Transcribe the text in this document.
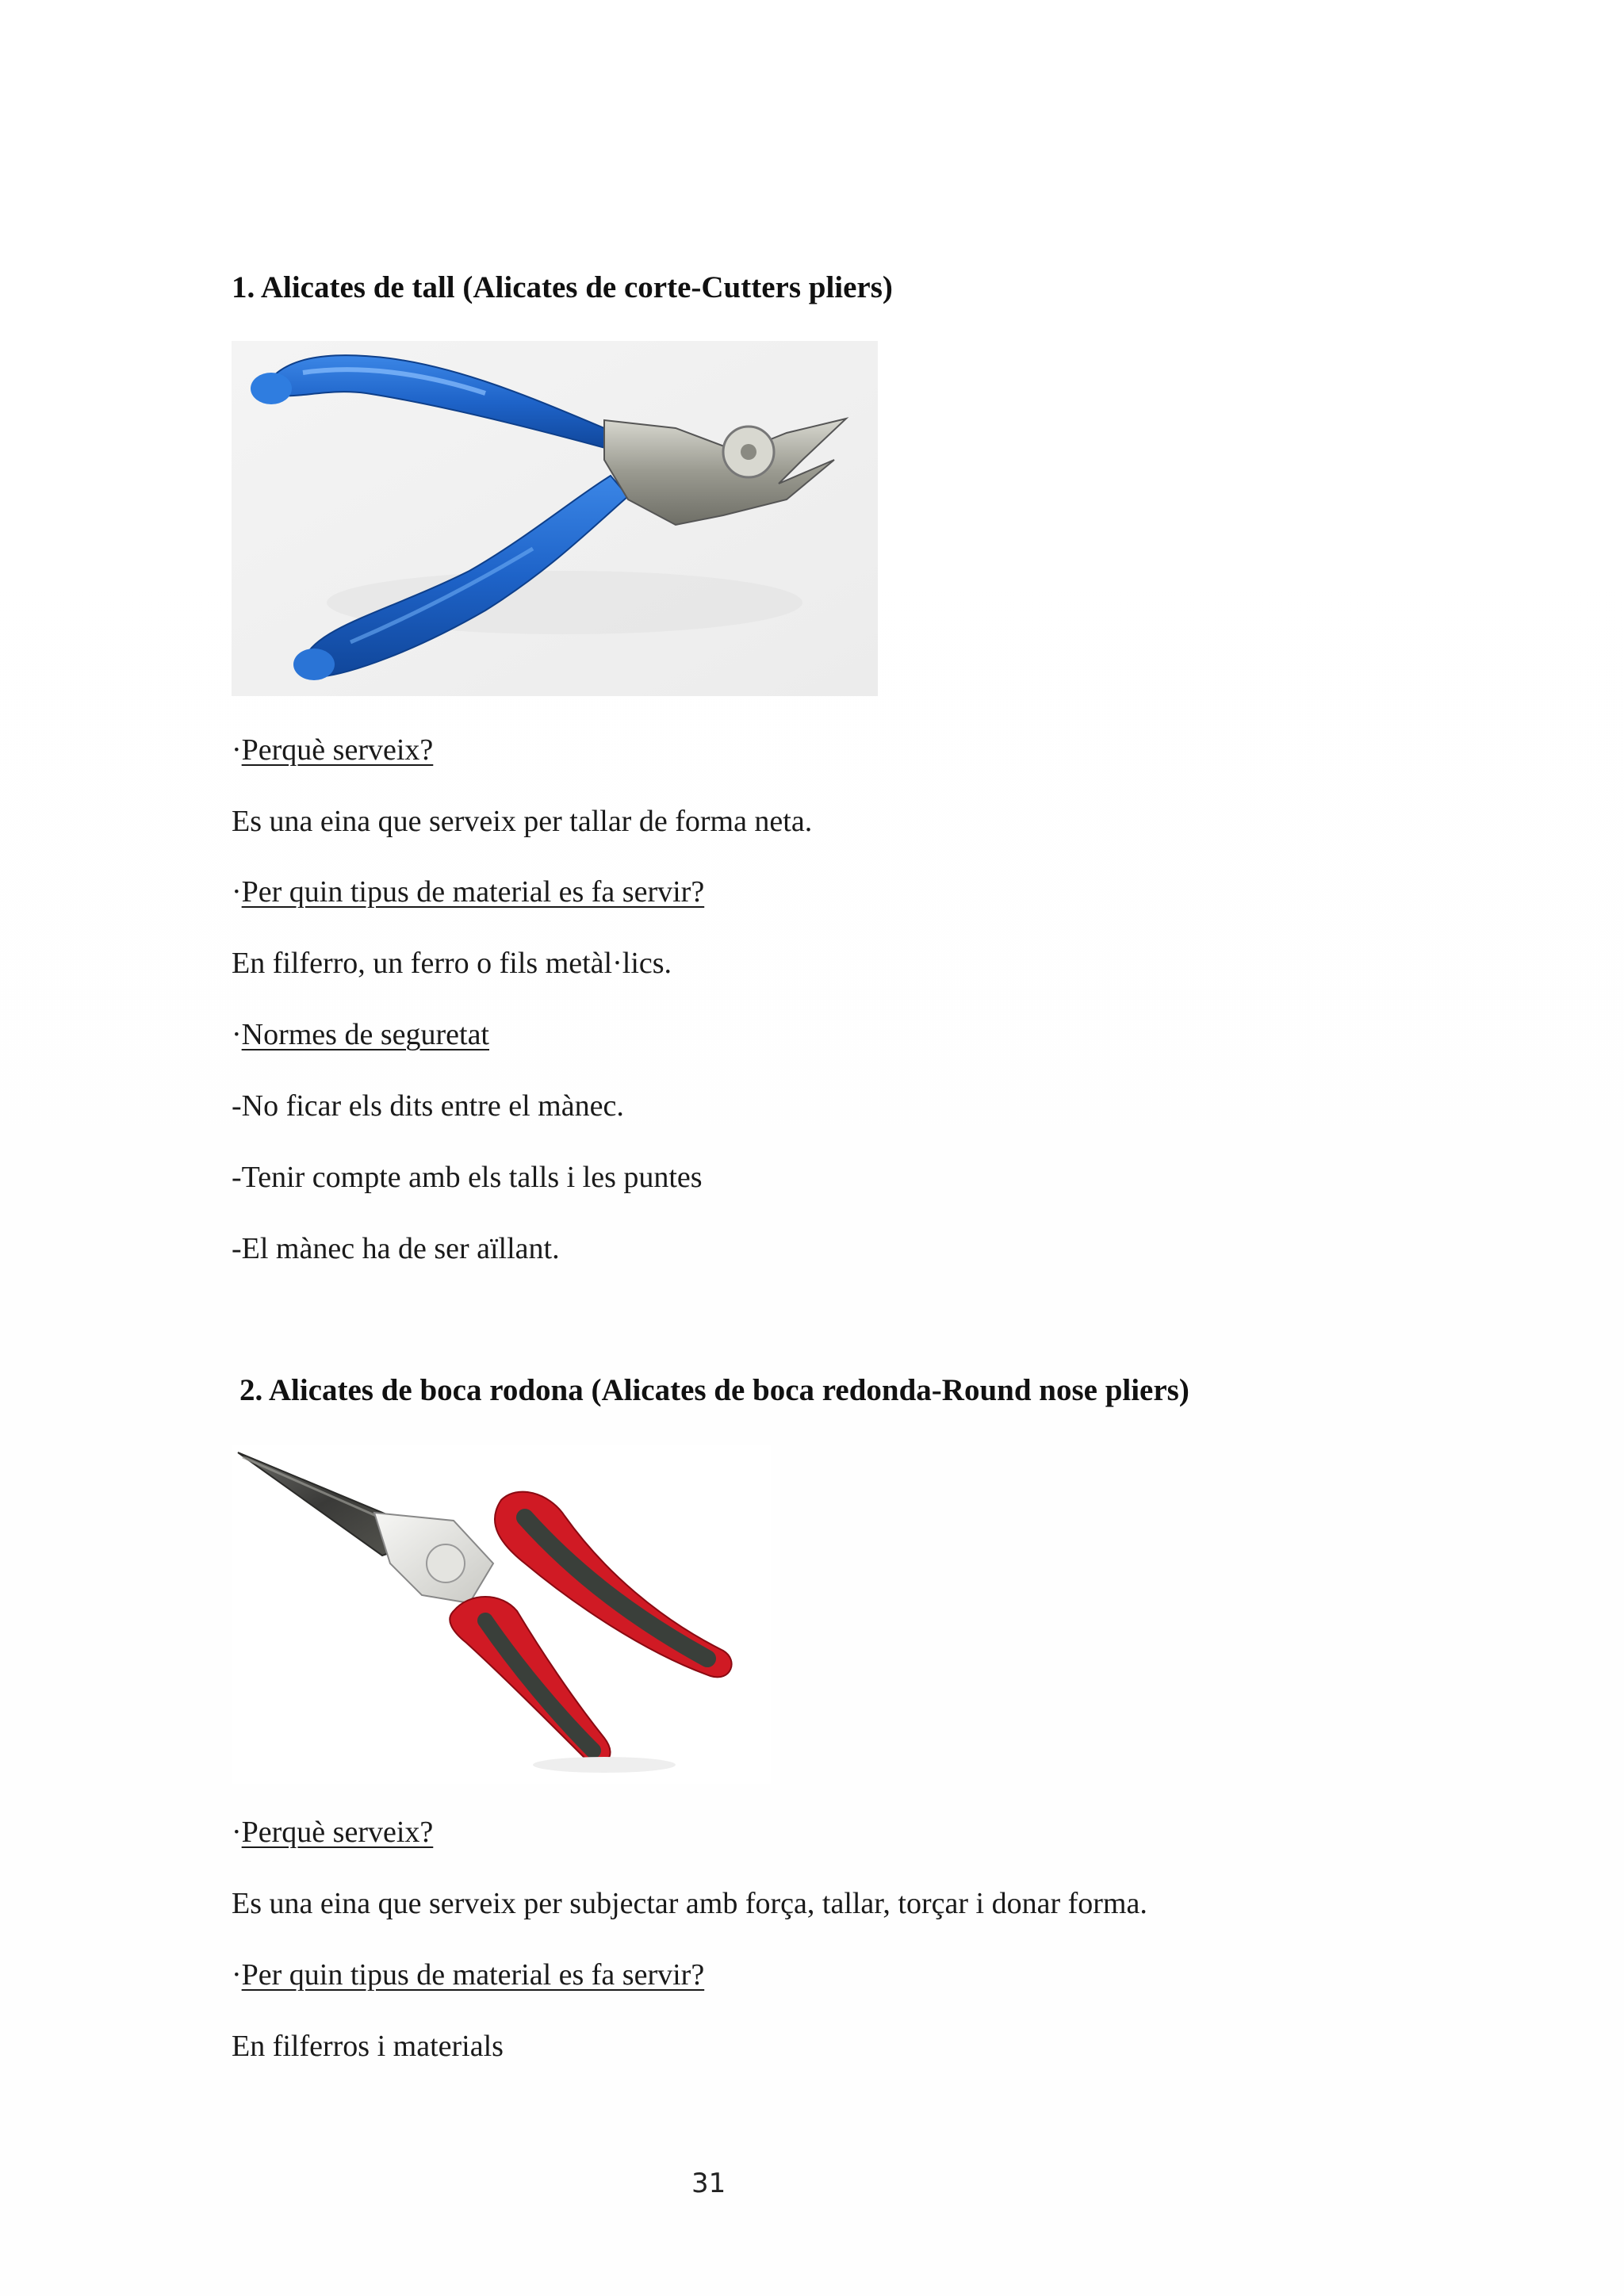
1. Alicates de tall (Alicates de corte-Cutters pliers)
·Perquè serveix?
Es una eina que serveix per tallar de forma neta.
·Per quin tipus de material es fa servir?
En filferro, un ferro o fils metàl·lics.
·Normes de seguretat
-No ficar els dits entre el mànec.
-Tenir compte amb els talls i les puntes
-El mànec ha de ser aïllant.
2. Alicates de boca rodona (Alicates de boca redonda-Round nose pliers)
·Perquè serveix?
Es una eina que serveix per subjectar amb força, tallar, torçar i donar forma.
·Per quin tipus de material es fa servir?
En filferros i materials
31
